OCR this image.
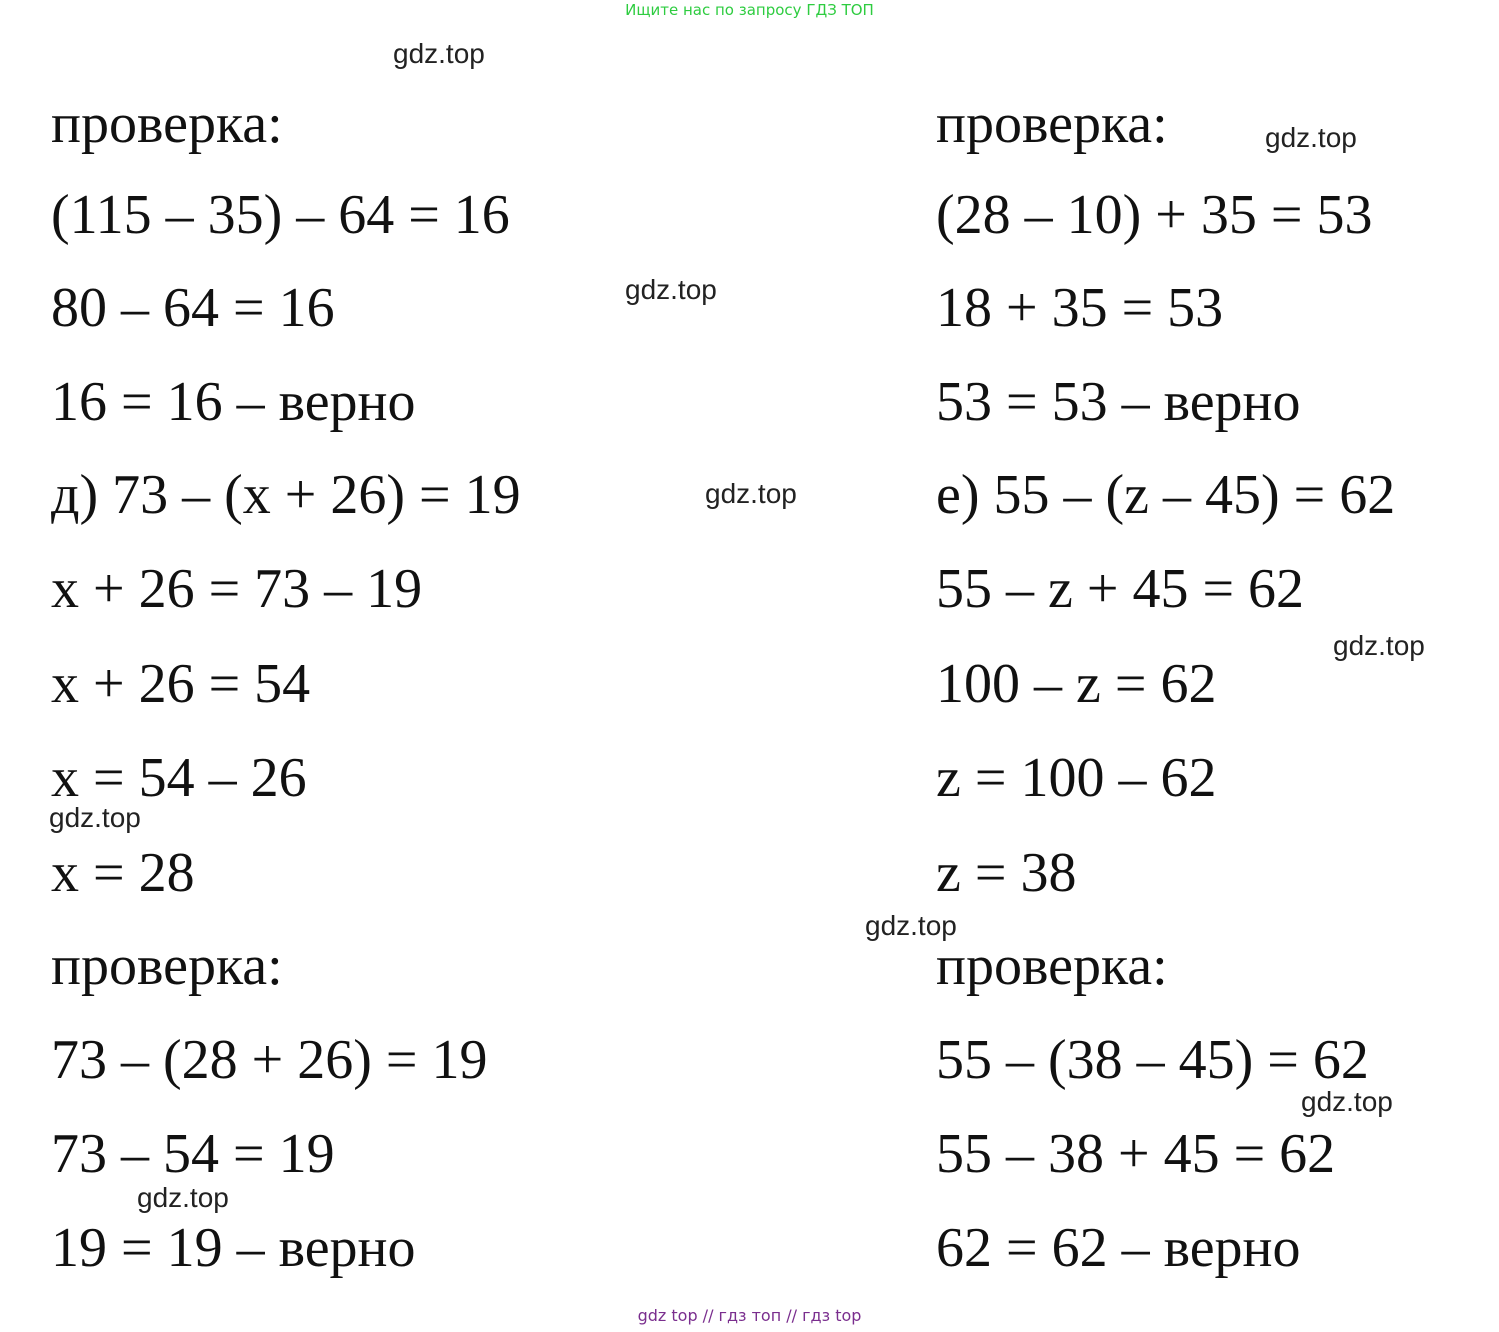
Ищите нас по запросу ГДЗ ТОП
проверка:
(115 – 35) – 64 = 16
80 – 64 = 16
16 = 16 – верно
д) 73 – (x + 26) = 19
x + 26 = 73 – 19
x + 26 = 54
x = 54 – 26
x = 28
проверка:
73 – (28 + 26) = 19
73 – 54 = 19
19 = 19 – верно
проверка:
(28 – 10) + 35 = 53
18 + 35 = 53
53 = 53 – верно
е) 55 – (z – 45) = 62
55 – z + 45 = 62
100 – z = 62
z = 100 – 62
z = 38
проверка:
55 – (38 – 45) = 62
55 – 38 + 45 = 62
62 = 62 – верно
gdz.top
gdz.top
gdz.top
gdz.top
gdz.top
gdz.top
gdz.top
gdz.top
gdz.top
gdz top // гдз топ // гдз top
